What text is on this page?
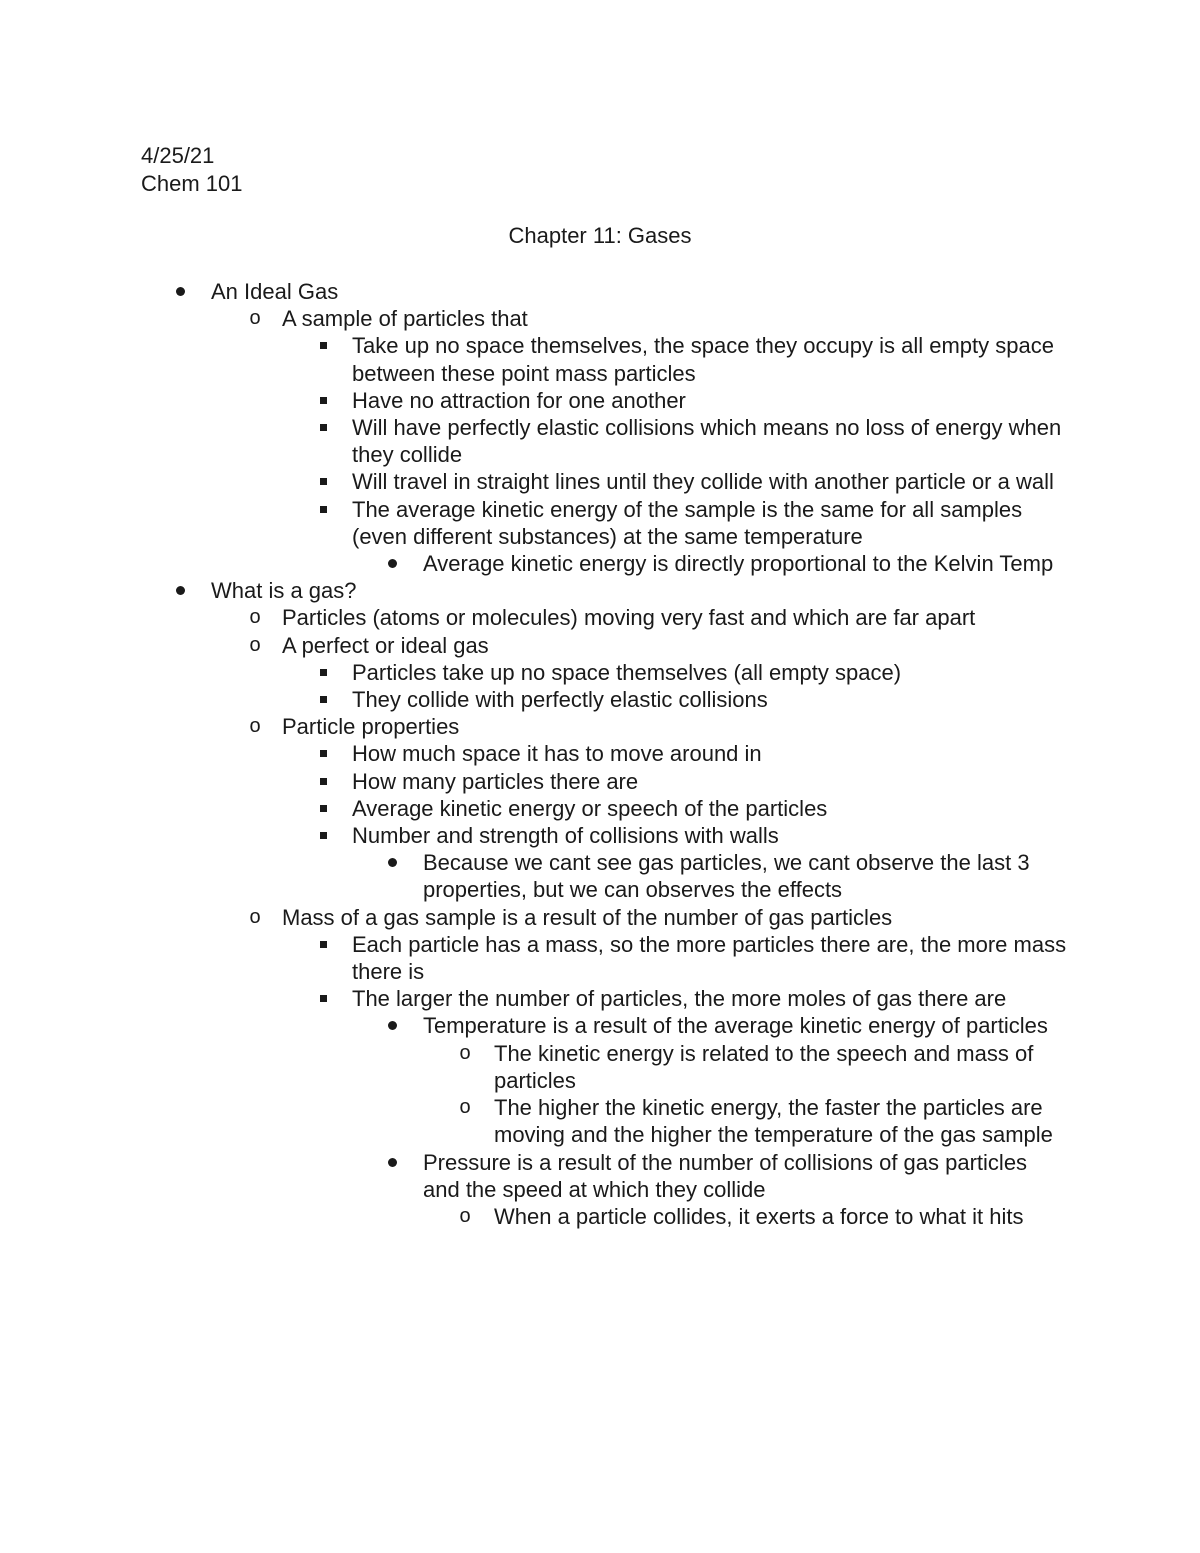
4/25/21
Chem 101
Chapter 11: Gases
An Ideal Gas
o A sample of particles that
Take up no space themselves, the space they occupy is all empty space between these point mass particles
Have no attraction for one another
Will have perfectly elastic collisions which means no loss of energy when they collide
Will travel in straight lines until they collide with another particle or a wall
The average kinetic energy of the sample is the same for all samples (even different substances) at the same temperature
Average kinetic energy is directly proportional to the Kelvin Temp
What is a gas?
o Particles (atoms or molecules) moving very fast and which are far apart
o A perfect or ideal gas
Particles take up no space themselves (all empty space)
They collide with perfectly elastic collisions
o Particle properties
How much space it has to move around in
How many particles there are
Average kinetic energy or speech of the particles
Number and strength of collisions with walls
Because we cant see gas particles, we cant observe the last 3 properties, but we can observes the effects
o Mass of a gas sample is a result of the number of gas particles
Each particle has a mass, so the more particles there are, the more mass there is
The larger the number of particles, the more moles of gas there are
Temperature is a result of the average kinetic energy of particles
o The kinetic energy is related to the speech and mass of particles
o The higher the kinetic energy, the faster the particles are moving and the higher the temperature of the gas sample
Pressure is a result of the number of collisions of gas particles and the speed at which they collide
o When a particle collides, it exerts a force to what it hits
